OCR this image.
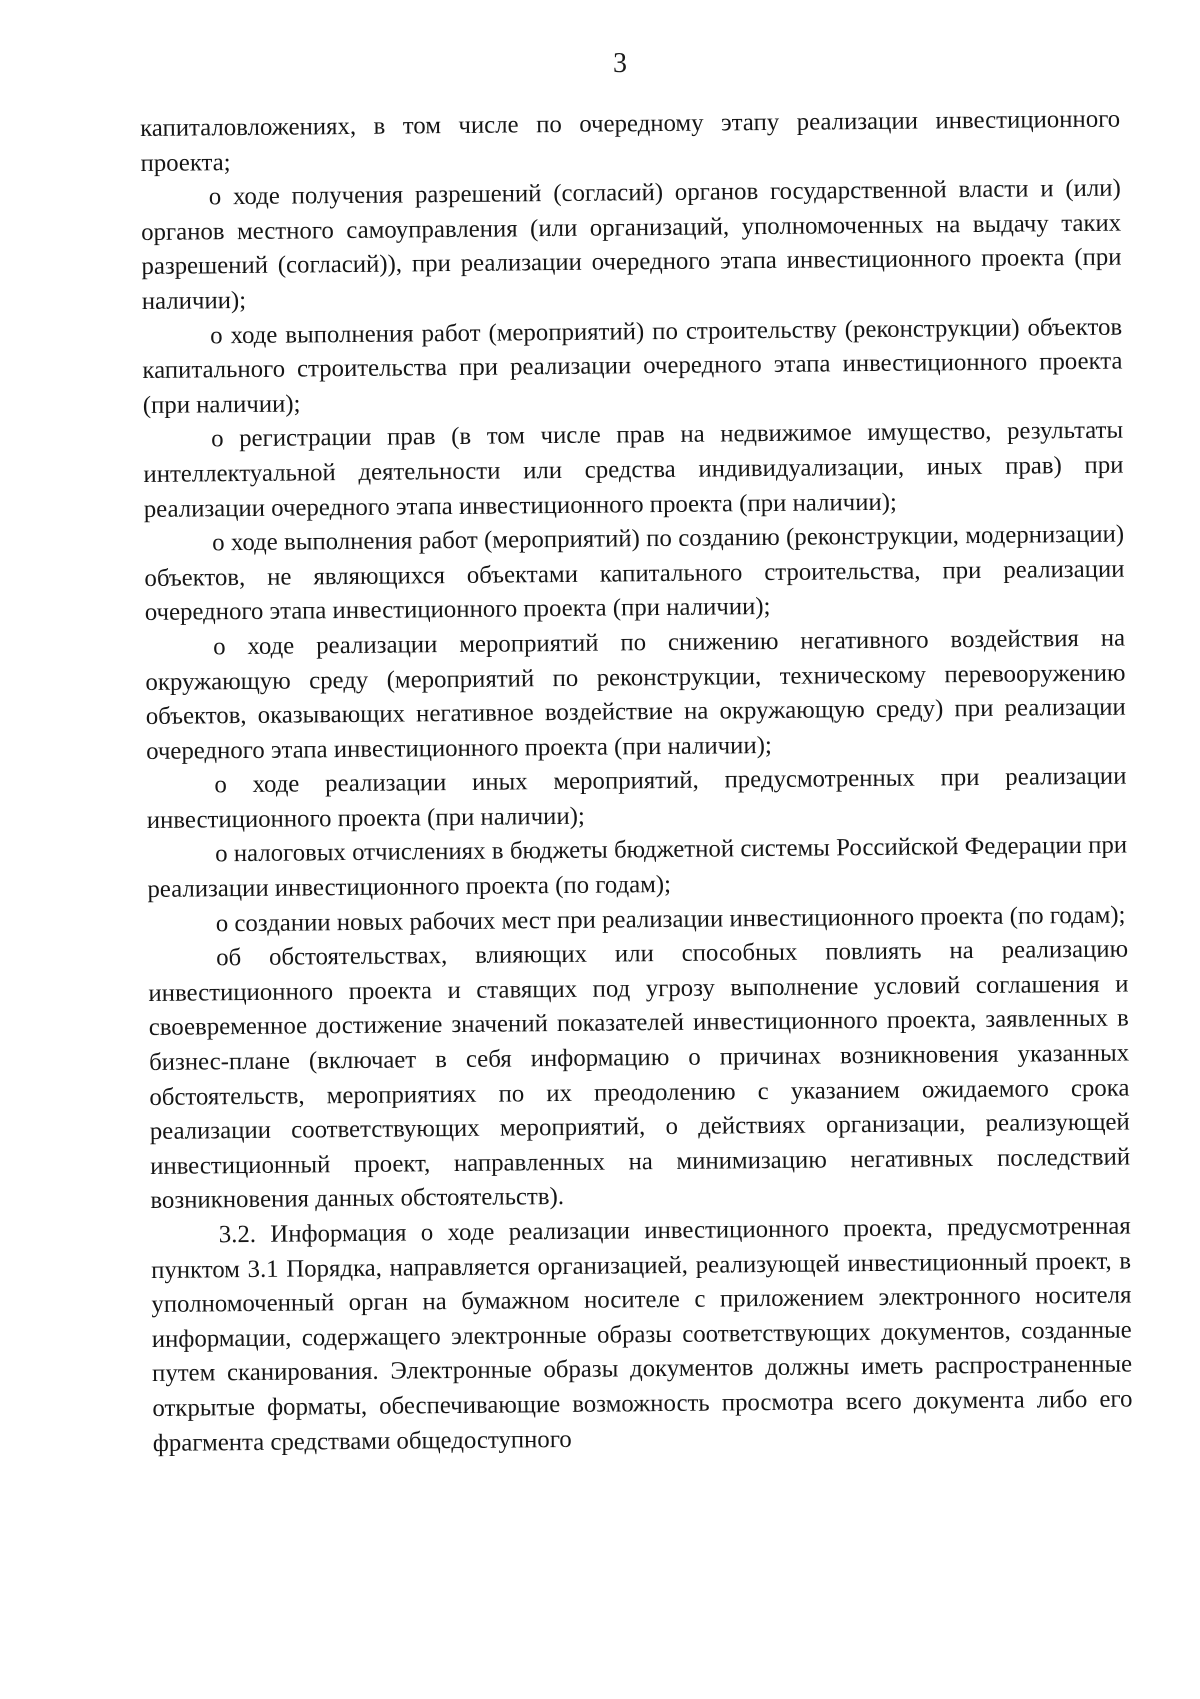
3

капиталовложениях, в том числе по очередному этапу реализации инвестиционного проекта;

о ходе получения разрешений (согласий) органов государственной власти и (или) органов местного самоуправления (или организаций, уполномоченных на выдачу таких разрешений (согласий)), при реализации очередного этапа инвестиционного проекта (при наличии);

о ходе выполнения работ (мероприятий) по строительству (реконструкции) объектов капитального строительства при реализации очередного этапа инвестиционного проекта (при наличии);

о регистрации прав (в том числе прав на недвижимое имущество, результаты интеллектуальной деятельности или средства индивидуализации, иных прав) при реализации очередного этапа инвестиционного проекта (при наличии);

о ходе выполнения работ (мероприятий) по созданию (реконструкции, модернизации) объектов, не являющихся объектами капитального строительства, при реализации очередного этапа инвестиционного проекта (при наличии);

о ходе реализации мероприятий по снижению негативного воздействия на окружающую среду (мероприятий по реконструкции, техническому перевооружению объектов, оказывающих негативное воздействие на окружающую среду) при реализации очередного этапа инвестиционного проекта (при наличии);

о ходе реализации иных мероприятий, предусмотренных при реализации инвестиционного проекта (при наличии);

о налоговых отчислениях в бюджеты бюджетной системы Российской Федерации при реализации инвестиционного проекта (по годам);

о создании новых рабочих мест при реализации инвестиционного проекта (по годам);

об обстоятельствах, влияющих или способных повлиять на реализацию инвестиционного проекта и ставящих под угрозу выполнение условий соглашения и своевременное достижение значений показателей инвестиционного проекта, заявленных в бизнес-плане (включает в себя информацию о причинах возникновения указанных обстоятельств, мероприятиях по их преодолению с указанием ожидаемого срока реализации соответствующих мероприятий, о действиях организации, реализующей инвестиционный проект, направленных на минимизацию негативных последствий возникновения данных обстоятельств).

3.2. Информация о ходе реализации инвестиционного проекта, предусмотренная пунктом 3.1 Порядка, направляется организацией, реализующей инвестиционный проект, в уполномоченный орган на бумажном носителе с приложением электронного носителя информации, содержащего электронные образы соответствующих документов, созданные путем сканирования. Электронные образы документов должны иметь распространенные открытые форматы, обеспечивающие возможность просмотра всего документа либо его фрагмента средствами общедоступного
